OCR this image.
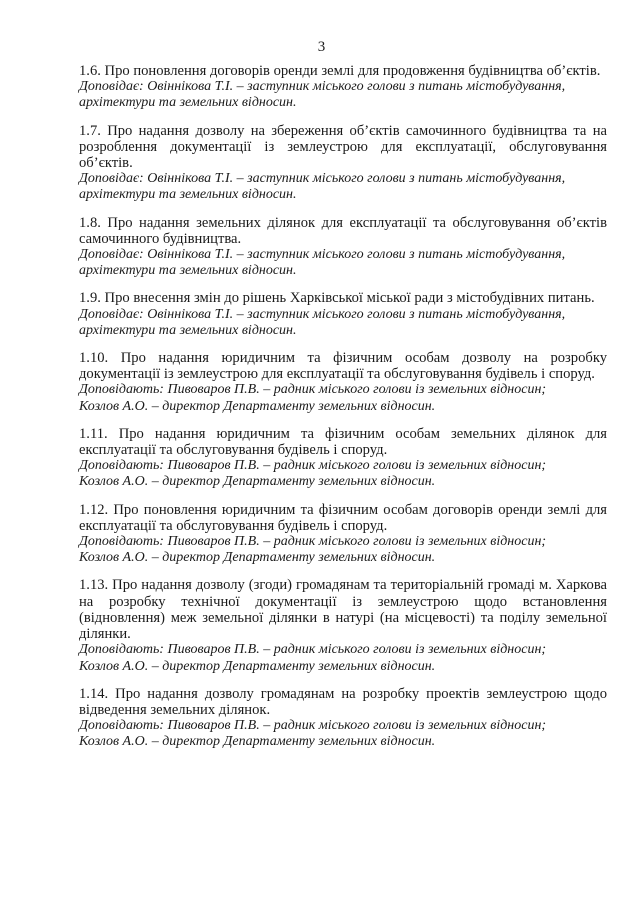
3

1.6. Про поновлення договорів оренди землі для продовження будівництва об’єктів.

Доповідає: Овіннікова Т.І. – заступник міського голови з питань містобудування, архітектури та земельних відносин.

1.7. Про надання дозволу на збереження об’єктів самочинного будівництва та на розроблення документації із землеустрою для експлуатації, обслуговування об’єктів.

Доповідає: Овіннікова Т.І. – заступник міського голови з питань містобудування, архітектури та земельних відносин.

1.8. Про надання земельних ділянок для експлуатації та обслуговування об’єктів самочинного будівництва.

Доповідає: Овіннікова Т.І. – заступник міського голови з питань містобудування, архітектури та земельних відносин.

1.9. Про внесення змін до рішень Харківської міської ради з містобудівних питань.

Доповідає: Овіннікова Т.І. – заступник міського голови з питань містобудування, архітектури та земельних відносин.

1.10. Про надання юридичним та фізичним особам дозволу на розробку документації із землеустрою для експлуатації та обслуговування будівель і споруд.

Доповідають: Пивоваров П.В. – радник міського голови із земельних відносин;

Козлов А.О. – директор Департаменту земельних відносин.

1.11. Про надання юридичним та фізичним особам земельних ділянок для експлуатації та обслуговування будівель і споруд.

Доповідають: Пивоваров П.В. – радник міського голови із земельних відносин;

Козлов А.О. – директор Департаменту земельних відносин.

1.12. Про поновлення юридичним та фізичним особам договорів оренди землі для експлуатації та обслуговування будівель і споруд.

Доповідають: Пивоваров П.В. – радник міського голови із земельних відносин;

Козлов А.О. – директор Департаменту земельних відносин.

1.13. Про надання дозволу (згоди) громадянам та територіальній громаді м. Харкова на розробку технічної документації із землеустрою щодо встановлення (відновлення) меж земельної ділянки в натурі (на місцевості) та поділу земельної ділянки.

Доповідають: Пивоваров П.В. – радник міського голови із земельних відносин;

Козлов А.О. – директор Департаменту земельних відносин.

1.14. Про надання дозволу громадянам на розробку проектів землеустрою щодо відведення земельних ділянок.

Доповідають: Пивоваров П.В. – радник міського голови із земельних відносин;

Козлов А.О. – директор Департаменту земельних відносин.
